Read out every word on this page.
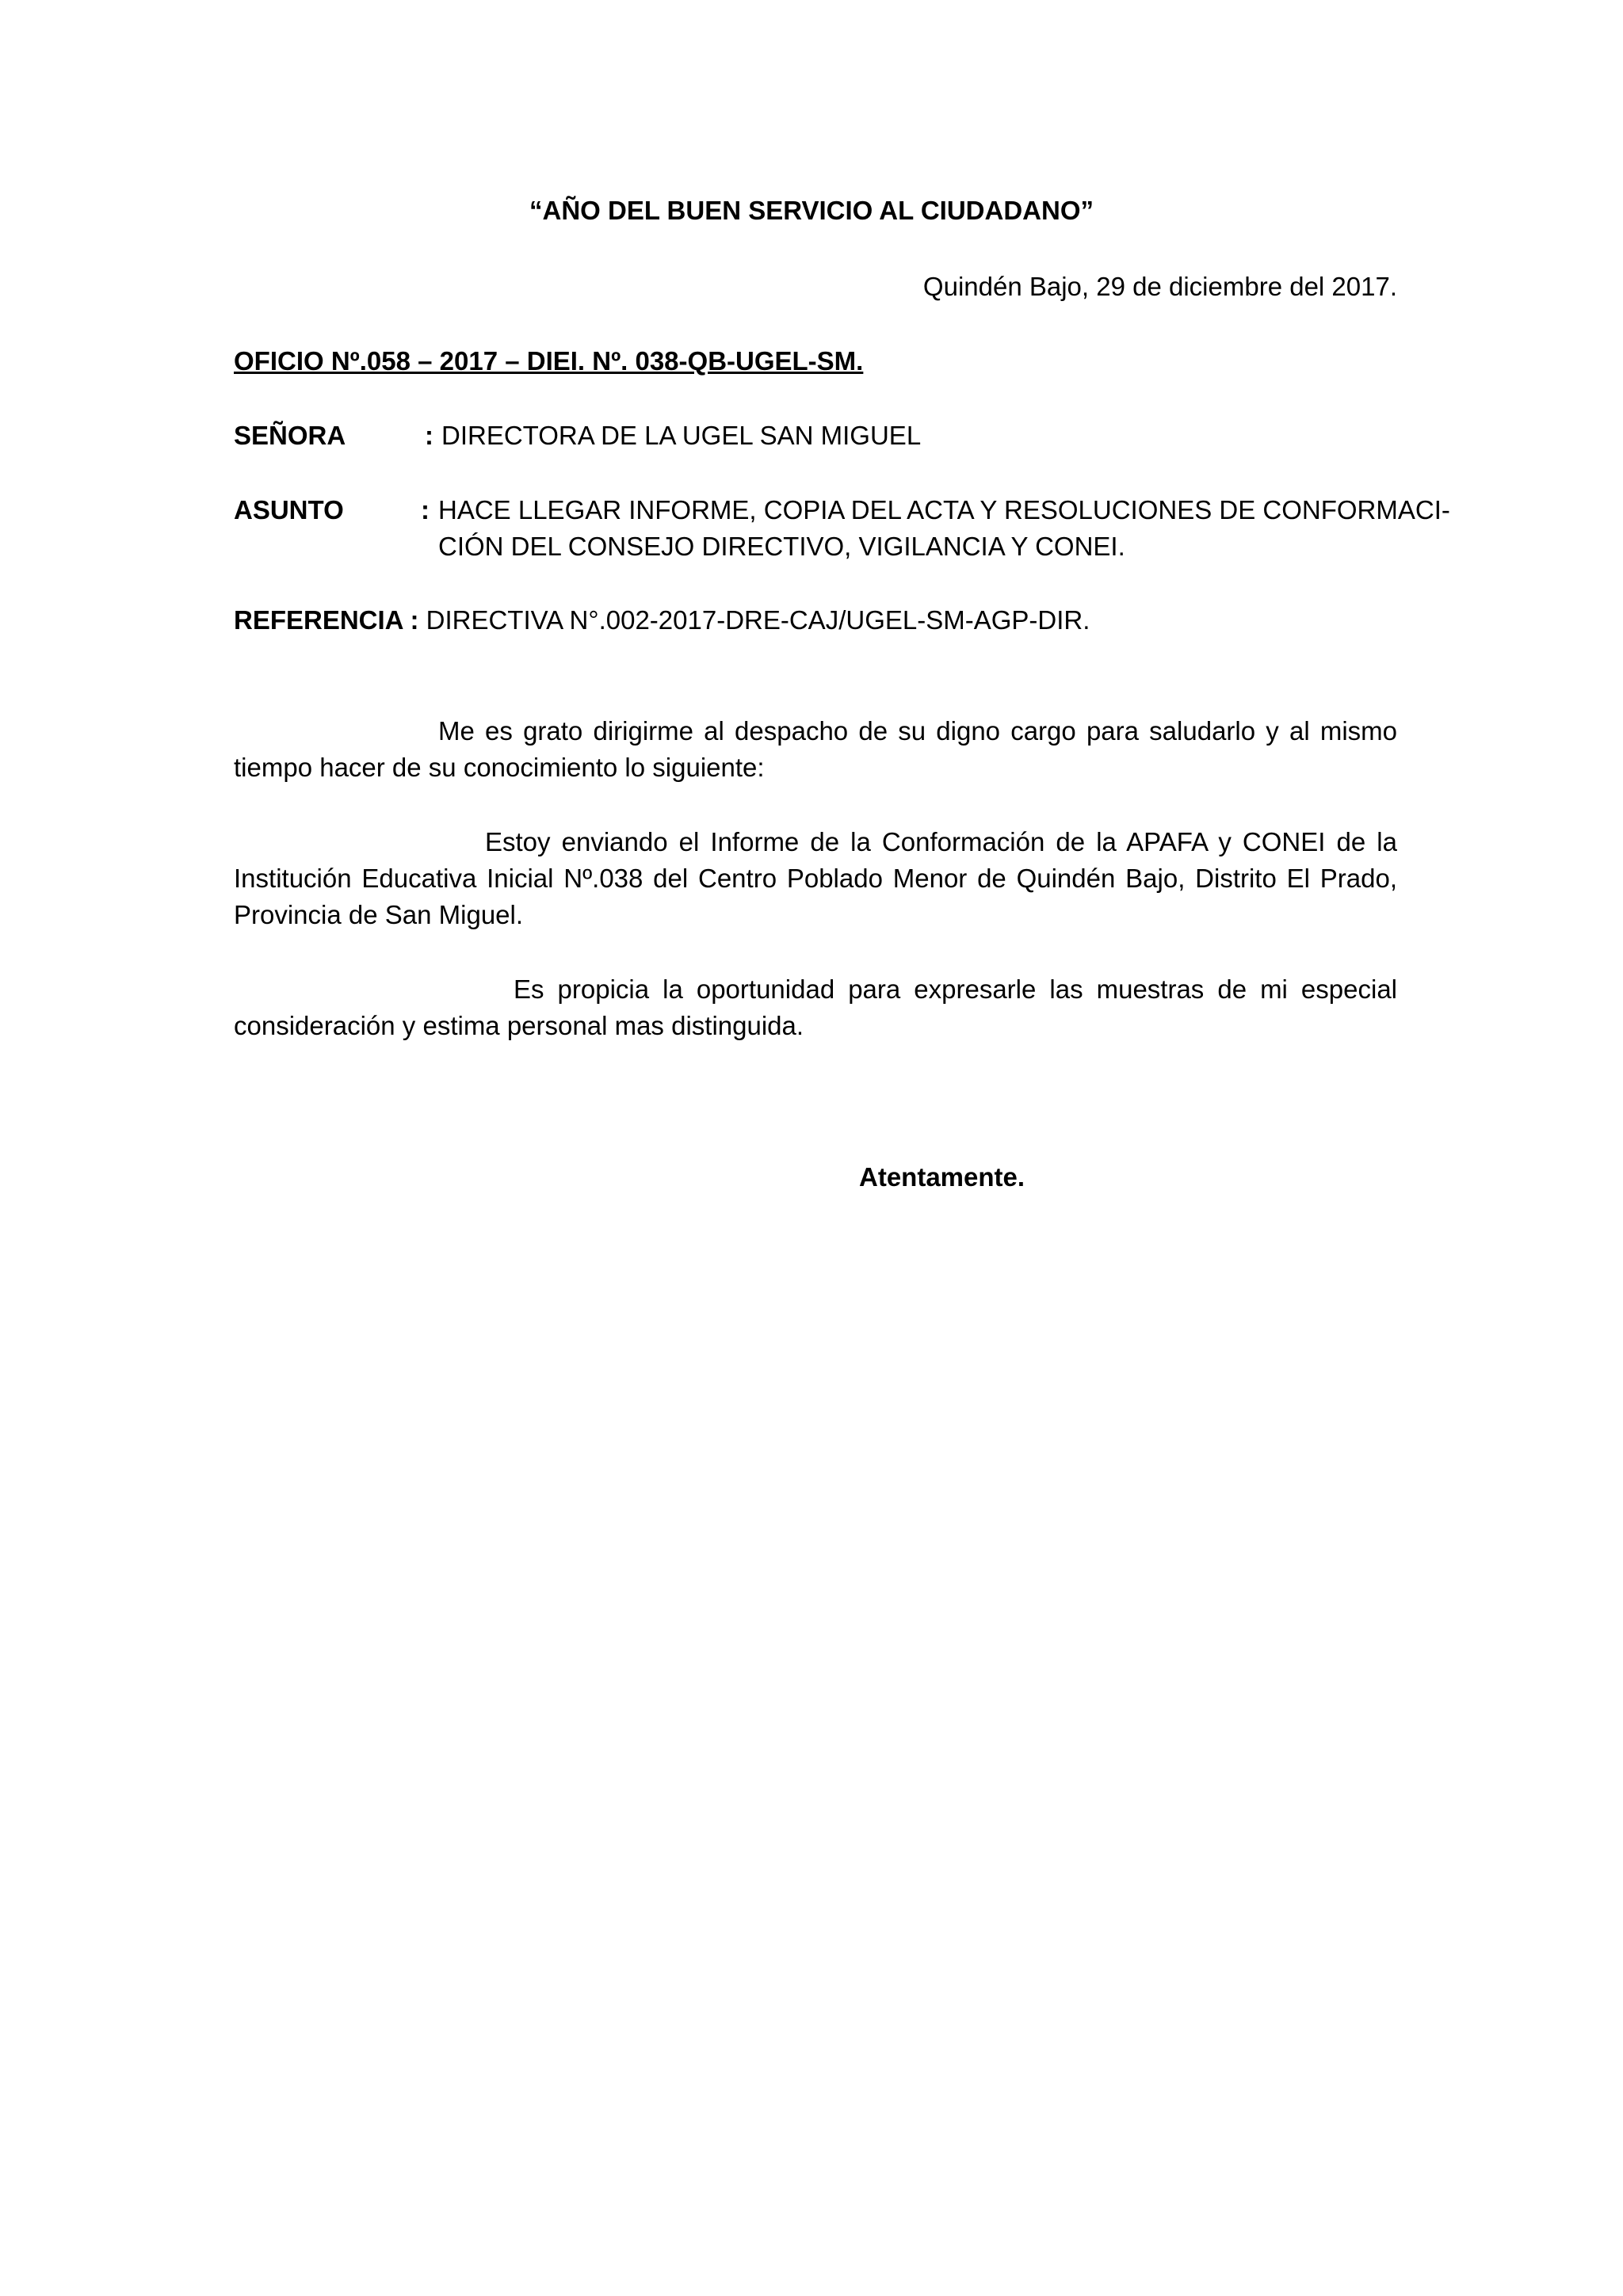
“AÑO DEL BUEN SERVICIO AL CIUDADANO”
Quindén Bajo, 29 de diciembre del 2017.
OFICIO Nº.058 – 2017 – DIEI. Nº. 038-QB-UGEL-SM.
SEÑORA	: DIRECTORA DE LA UGEL SAN MIGUEL
ASUNTO	: HACE LLEGAR INFORME, COPIA DEL ACTA Y RESOLUCIONES DE CONFORMACI-
CIÓN DEL CONSEJO DIRECTIVO, VIGILANCIA Y CONEI.
REFERENCIA : DIRECTIVA N°.002-2017-DRE-CAJ/UGEL-SM-AGP-DIR.
Me es grato dirigirme al despacho de su digno cargo para saludarlo y al mismo tiempo hacer de su conocimiento lo siguiente:
Estoy enviando el Informe de la Conformación de la APAFA y CONEI de la Institución Educativa Inicial Nº.038 del Centro Poblado Menor de Quindén Bajo, Distrito El Prado, Provincia de San Miguel.
Es propicia la oportunidad para expresarle las muestras de mi especial consideración y estima personal mas distinguida.
Atentamente.
